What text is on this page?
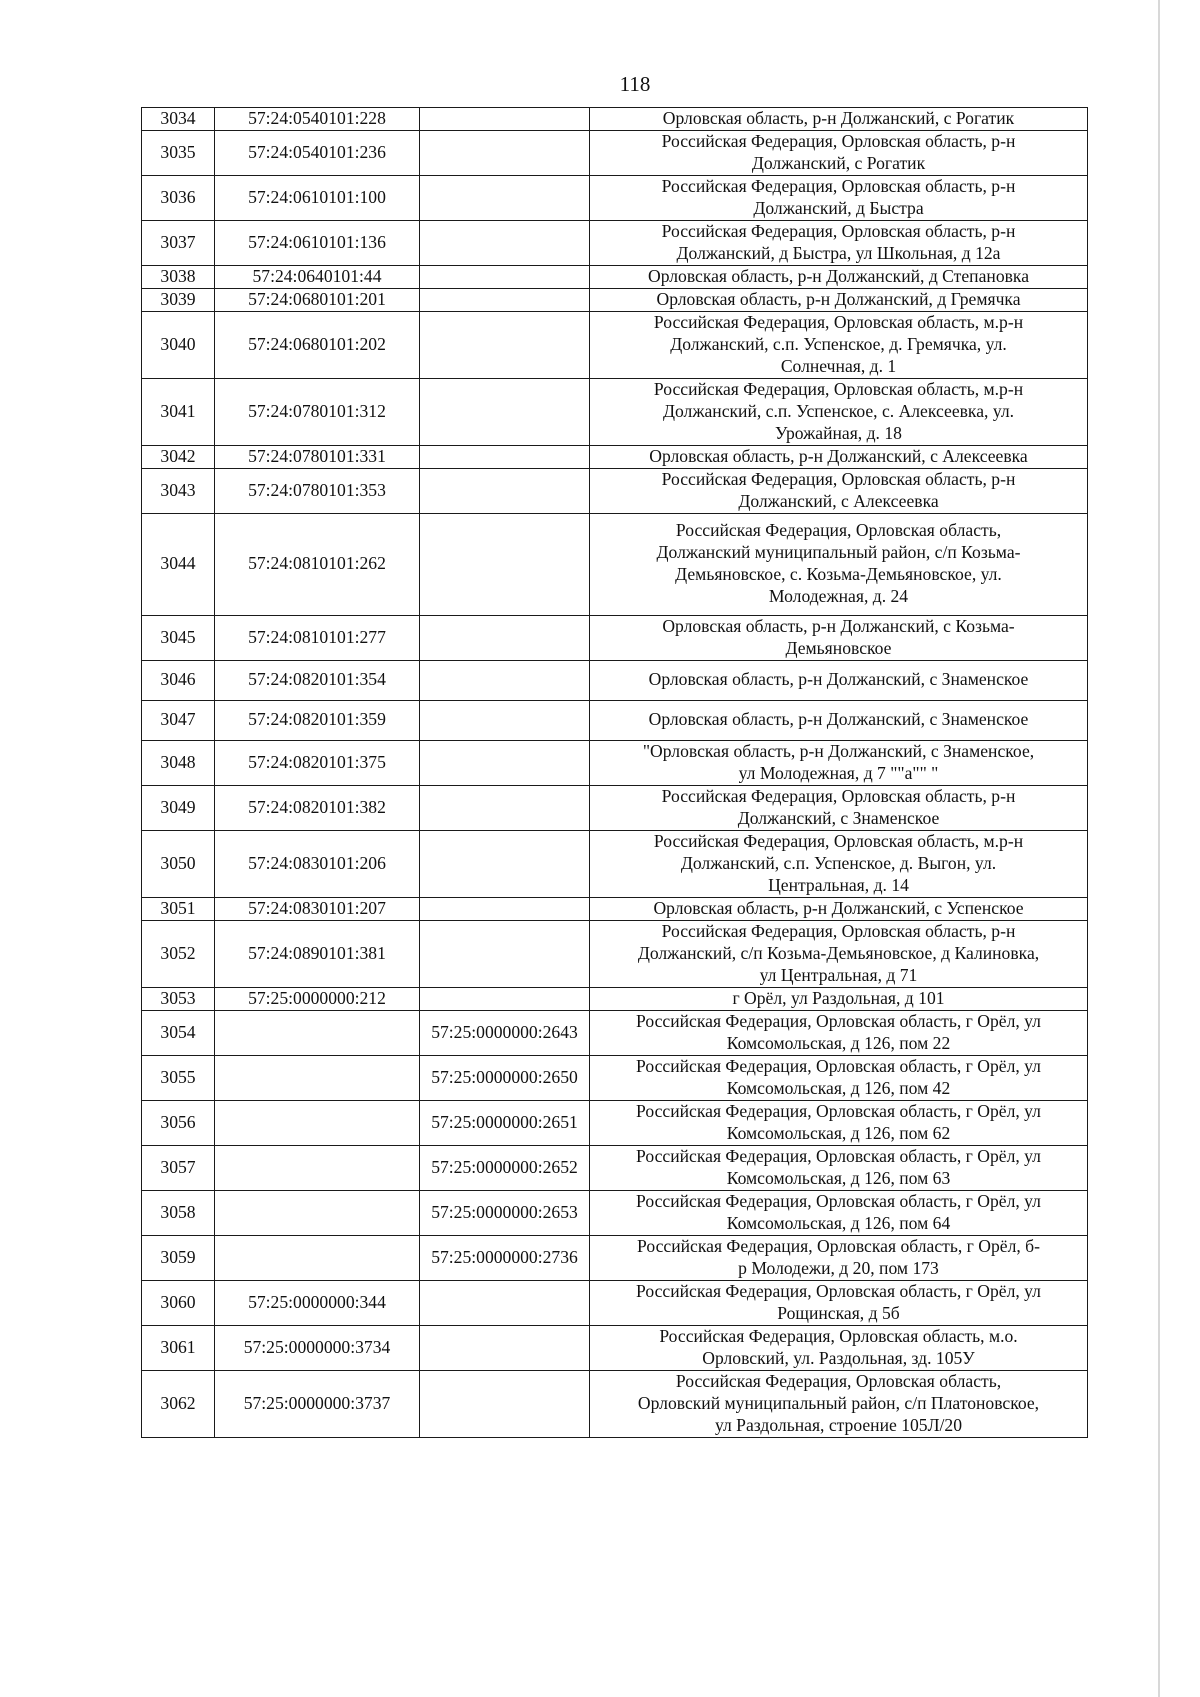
118
3034	57:24:0540101:228		Орловская область, р-н Должанский, с Рогатик

3035	57:24:0540101:236		Российская Федерация, Орловская область, р-н
Должанский, с Рогатик

3036	57:24:0610101:100		Российская Федерация, Орловская область, р-н
Должанский, д Быстра

3037	57:24:0610101:136		Российская Федерация, Орловская область, р-н
Должанский, д Быстра, ул Школьная, д 12а

3038	57:24:0640101:44		Орловская область, р-н Должанский, д Степановка

3039	57:24:0680101:201		Орловская область, р-н Должанский, д Гремячка

3040	57:24:0680101:202		Российская Федерация, Орловская область, м.р-н
Должанский, с.п. Успенское, д. Гремячка, ул.
Солнечная, д. 1

3041	57:24:0780101:312		Российская Федерация, Орловская область, м.р-н
Должанский, с.п. Успенское, с. Алексеевка, ул.
Урожайная, д. 18

3042	57:24:0780101:331		Орловская область, р-н Должанский, с Алексеевка

3043	57:24:0780101:353		Российская Федерация, Орловская область, р-н
Должанский, с Алексеевка

3044	57:24:0810101:262		Российская Федерация, Орловская область,
Должанский муниципальный район, с/п Козьма-
Демьяновское, с. Козьма-Демьяновское, ул.
Молодежная, д. 24

3045	57:24:0810101:277		Орловская область, р-н Должанский, с Козьма-
Демьяновское

3046	57:24:0820101:354		Орловская область, р-н Должанский, с Знаменское

3047	57:24:0820101:359		Орловская область, р-н Должанский, с Знаменское

3048	57:24:0820101:375		"Орловская область, р-н Должанский, с Знаменское,
ул Молодежная, д 7 ""а"" "

3049	57:24:0820101:382		Российская Федерация, Орловская область, р-н
Должанский, с Знаменское

3050	57:24:0830101:206		Российская Федерация, Орловская область, м.р-н
Должанский, с.п. Успенское, д. Выгон, ул.
Центральная, д. 14

3051	57:24:0830101:207		Орловская область, р-н Должанский, с Успенское

3052	57:24:0890101:381		Российская Федерация, Орловская область, р-н
Должанский, с/п Козьма-Демьяновское, д Калиновка,
ул Центральная, д 71

3053	57:25:0000000:212		г Орёл, ул Раздольная, д 101

3054		57:25:0000000:2643	Российская Федерация, Орловская область, г Орёл, ул
Комсомольская, д 126, пом 22

3055		57:25:0000000:2650	Российская Федерация, Орловская область, г Орёл, ул
Комсомольская, д 126, пом 42

3056		57:25:0000000:2651	Российская Федерация, Орловская область, г Орёл, ул
Комсомольская, д 126, пом 62

3057		57:25:0000000:2652	Российская Федерация, Орловская область, г Орёл, ул
Комсомольская, д 126, пом 63

3058		57:25:0000000:2653	Российская Федерация, Орловская область, г Орёл, ул
Комсомольская, д 126, пом 64

3059		57:25:0000000:2736	Российская Федерация, Орловская область, г Орёл, б-
р Молодежи, д 20, пом 173

3060	57:25:0000000:344		Российская Федерация, Орловская область, г Орёл, ул
Рощинская, д 5б

3061	57:25:0000000:3734		Российская Федерация, Орловская область, м.о.
Орловский, ул. Раздольная, зд. 105У

3062	57:25:0000000:3737		Российская Федерация, Орловская область,
Орловский муниципальный район, с/п Платоновское,
ул Раздольная, строение 105Л/20
